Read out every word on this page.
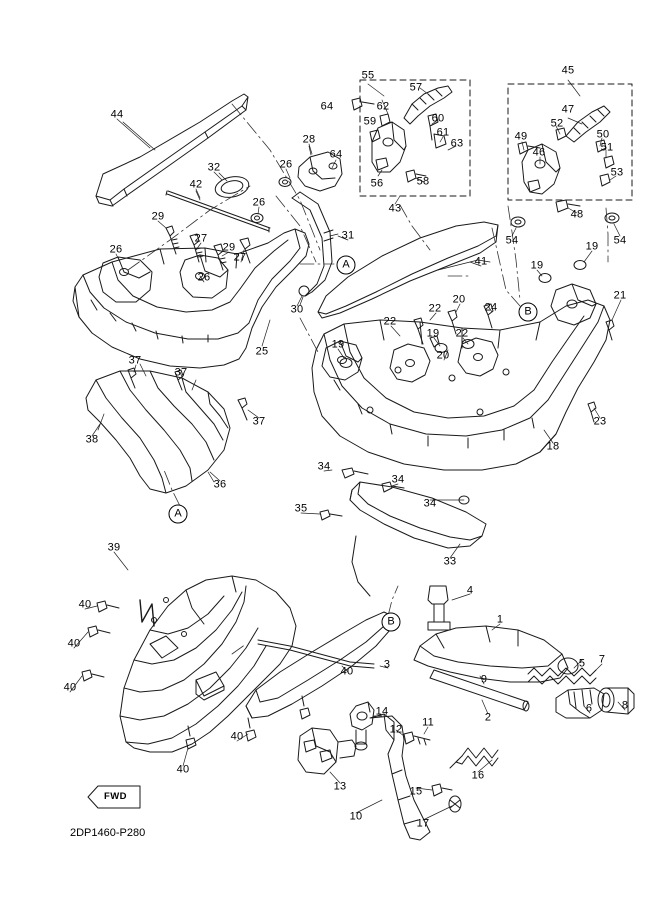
55	45
64	62
57
47
59	60	52
44
28
61	50
63
49
46	51
53
26
64
56	58
32
42
26	43	48
29
54	54
19
31
27
29
26
27	41	19
26
21
30
20
24
25
22
22
19 22
19
20
37
37
23
38
37
18
36
34
34
34
35
33
39
4
40
1
40
5 7
40
3
9
40
6	8
2
14
11
12
40
40	16
13	15
10
17
A
B
A
B
FWD
2DP1460-P280
